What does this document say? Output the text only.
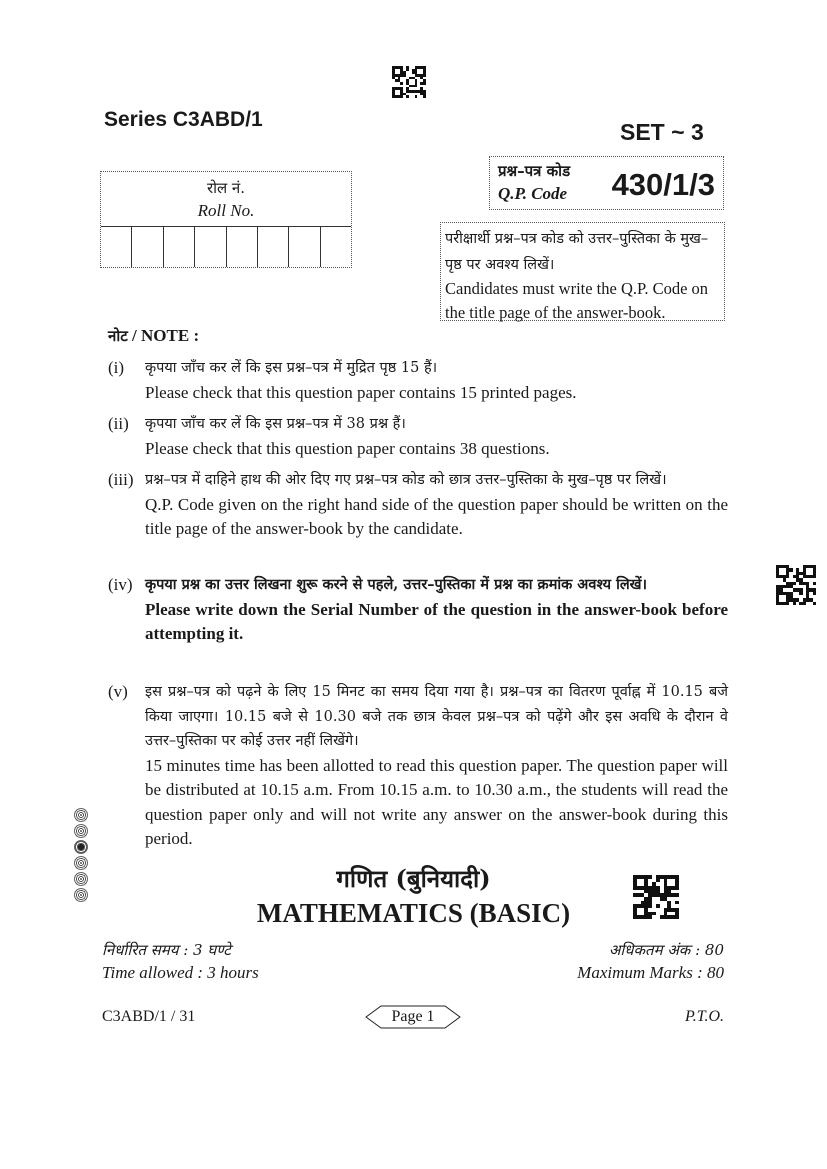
Series C3ABD/1	SET ~ 3
प्रश्न–पत्र कोड
Q.P. Code 430/1/3
रोल नं.
Roll No.
परीक्षार्थी प्रश्न–पत्र कोड को उत्तर–पुस्तिका के मुख–पृष्ठ पर अवश्य लिखें।
Candidates must write the Q.P. Code on the title page of the answer-book.
नोट / NOTE :
(i) कृपया जाँच कर लें कि इस प्रश्न–पत्र में मुद्रित पृष्ठ 15 हैं।
Please check that this question paper contains 15 printed pages.
(ii) कृपया जाँच कर लें कि इस प्रश्न–पत्र में 38 प्रश्न हैं।
Please check that this question paper contains 38 questions.
(iii) प्रश्न–पत्र में दाहिने हाथ की ओर दिए गए प्रश्न–पत्र कोड को छात्र उत्तर–पुस्तिका के मुख–पृष्ठ पर लिखें।
Q.P. Code given on the right hand side of the question paper should be written on the title page of the answer-book by the candidate.
(iv) कृपया प्रश्न का उत्तर लिखना शुरू करने से पहले, उत्तर–पुस्तिका में प्रश्न का क्रमांक अवश्य लिखें।
Please write down the Serial Number of the question in the answer-book before attempting it.
(v) इस प्रश्न–पत्र को पढ़ने के लिए 15 मिनट का समय दिया गया है। प्रश्न–पत्र का वितरण पूर्वाह्न में 10.15 बजे किया जाएगा। 10.15 बजे से 10.30 बजे तक छात्र केवल प्रश्न–पत्र को पढ़ेंगे और इस अवधि के दौरान वे उत्तर–पुस्तिका पर कोई उत्तर नहीं लिखेंगे।
15 minutes time has been allotted to read this question paper. The question paper will be distributed at 10.15 a.m. From 10.15 a.m. to 10.30 a.m., the students will read the question paper only and will not write any answer on the answer-book during this period.
गणित (बुनियादी)
MATHEMATICS (BASIC)
निर्धारित समय : 3 घण्टे
Time allowed : 3 hours
अधिकतम अंक : 80
Maximum Marks : 80
C3ABD/1 / 31	Page 1	P.T.O.
